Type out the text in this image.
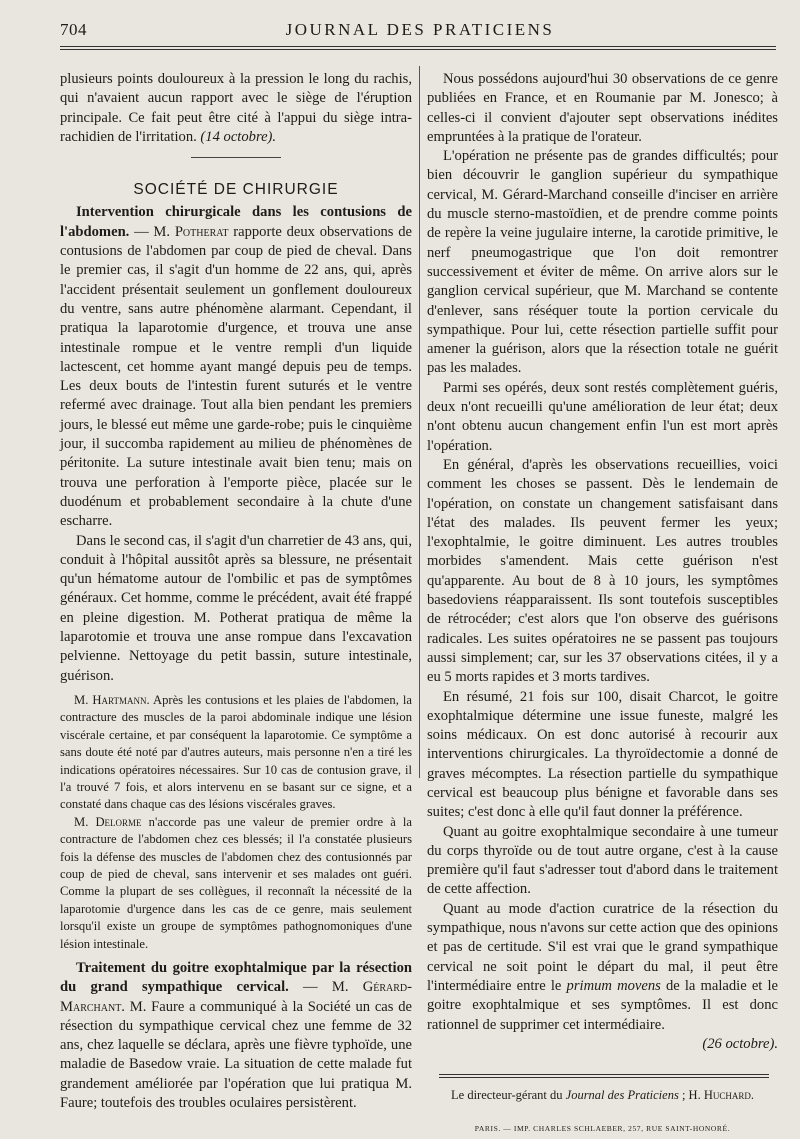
704	JOURNAL DES PRATICIENS

plusieurs points douloureux à la pression le long du rachis, qui n'avaient aucun rapport avec le siège de l'éruption principale. Ce fait peut être cité à l'appui du siège intra-rachidien de l'irritation. (14 octobre).

SOCIÉTÉ DE CHIRURGIE

Intervention chirurgicale dans les contusions de l'abdomen. — M. Potherat rapporte deux observations de contusions de l'abdomen par coup de pied de cheval. Dans le premier cas, il s'agit d'un homme de 22 ans, qui, après l'accident présentait seulement un gonflement douloureux du ventre, sans autre phénomène alarmant. Cependant, il pratiqua la laparotomie d'urgence, et trouva une anse intestinale rompue et le ventre rempli d'un liquide lactescent, cet homme ayant mangé depuis peu de temps. Les deux bouts de l'intestin furent suturés et le ventre refermé avec drainage. Tout alla bien pendant les premiers jours, le blessé eut même une garde-robe; puis le cinquième jour, il succomba rapidement au milieu de phénomènes de péritonite. La suture intestinale avait bien tenu; mais on trouva une perforation à l'emporte pièce, placée sur le duodénum et probablement secondaire à la chute d'une escharre.

Dans le second cas, il s'agit d'un charretier de 43 ans, qui, conduit à l'hôpital aussitôt après sa blessure, ne présentait qu'un hématome autour de l'ombilic et pas de symptômes généraux. Cet homme, comme le précédent, avait été frappé en pleine digestion. M. Potherat pratiqua de même la laparotomie et trouva une anse rompue dans l'excavation pelvienne. Nettoyage du petit bassin, suture intestinale, guérison.

M. Hartmann. Après les contusions et les plaies de l'abdomen, la contracture des muscles de la paroi abdominale indique une lésion viscérale certaine, et par conséquent la laparotomie. Ce symptôme a sans doute été noté par d'autres auteurs, mais personne n'en a tiré les indications opératoires nécessaires. Sur 10 cas de contusion grave, il l'a trouvé 7 fois, et alors intervenu en se basant sur ce signe, et a constaté dans chaque cas des lésions viscérales graves.

M. Delorme n'accorde pas une valeur de premier ordre à la contracture de l'abdomen chez ces blessés; il l'a constatée plusieurs fois la défense des muscles de l'abdomen chez des contusionnés par coup de pied de cheval, sans intervenir et ses malades ont guéri. Comme la plupart de ses collègues, il reconnaît la nécessité de la laparotomie d'urgence dans les cas de ce genre, mais seulement lorsqu'il existe un groupe de symptômes pathognomoniques d'une lésion intestinale.

Traitement du goitre exophtalmique par la résection du grand sympathique cervical. — M. Gérard-Marchant. M. Faure a communiqué à la Société un cas de résection du sympathique cervical chez une femme de 32 ans, chez laquelle se déclara, après une fièvre typhoïde, une maladie de Basedow vraie. La situation de cette malade fut grandement améliorée par l'opération que lui pratiqua M. Faure; toutefois des troubles oculaires persistèrent.

Nous possédons aujourd'hui 30 observations de ce genre publiées en France, et en Roumanie par M. Jonesco; à celles-ci il convient d'ajouter sept observations inédites empruntées à la pratique de l'orateur.

L'opération ne présente pas de grandes difficultés; pour bien découvrir le ganglion supérieur du sympathique cervical, M. Gérard-Marchand conseille d'inciser en arrière du muscle sterno-mastoïdien, et de prendre comme points de repère la veine jugulaire interne, la carotide primitive, le nerf pneumogastrique que l'on doit remontrer successivement et éviter de même. On arrive alors sur le ganglion cervical supérieur, que M. Marchand se contente d'enlever, sans réséquer toute la portion cervicale du sympathique. Pour lui, cette résection partielle suffit pour amener la guérison, alors que la résection totale ne guérit pas les malades.

Parmi ses opérés, deux sont restés complètement guéris, deux n'ont recueilli qu'une amélioration de leur état; deux n'ont obtenu aucun changement enfin l'un est mort après l'opération.

En général, d'après les observations recueillies, voici comment les choses se passent. Dès le lendemain de l'opération, on constate un changement satisfaisant dans l'état des malades. Ils peuvent fermer les yeux; l'exophtalmie, le goitre diminuent. Les autres troubles morbides s'amendent. Mais cette guérison n'est qu'apparente. Au bout de 8 à 10 jours, les symptômes basedoviens réapparaissent. Ils sont toutefois susceptibles de rétrocéder; c'est alors que l'on observe des guérisons radicales. Les suites opératoires ne se passent pas toujours aussi simplement; car, sur les 37 observations citées, il y a eu 5 morts rapides et 3 morts tardives.

En résumé, 21 fois sur 100, disait Charcot, le goitre exophtalmique détermine une issue funeste, malgré les soins médicaux. On est donc autorisé à recourir aux interventions chirurgicales. La thyroïdectomie a donné de graves mécomptes. La résection partielle du sympathique cervical est beaucoup plus bénigne et favorable dans ses suites; c'est donc à elle qu'il faut donner la préférence.

Quant au goitre exophtalmique secondaire à une tumeur du corps thyroïde ou de tout autre organe, c'est à la cause première qu'il faut s'adresser tout d'abord dans le traitement de cette affection.

Quant au mode d'action curatrice de la résection du sympathique, nous n'avons sur cette action que des opinions et pas de certitude. S'il est vrai que le grand sympathique cervical ne soit point le départ du mal, il peut être l'intermédiaire entre le primum movens de la maladie et le goitre exophtalmique et ses symptômes. Il est donc rationnel de supprimer cet intermédiaire.

(26 octobre).

Le directeur-gérant du Journal des Praticiens ; H. Huchard.

PARIS. — IMP. CHARLES SCHLAEBER, 257, RUE SAINT-HONORÉ.
